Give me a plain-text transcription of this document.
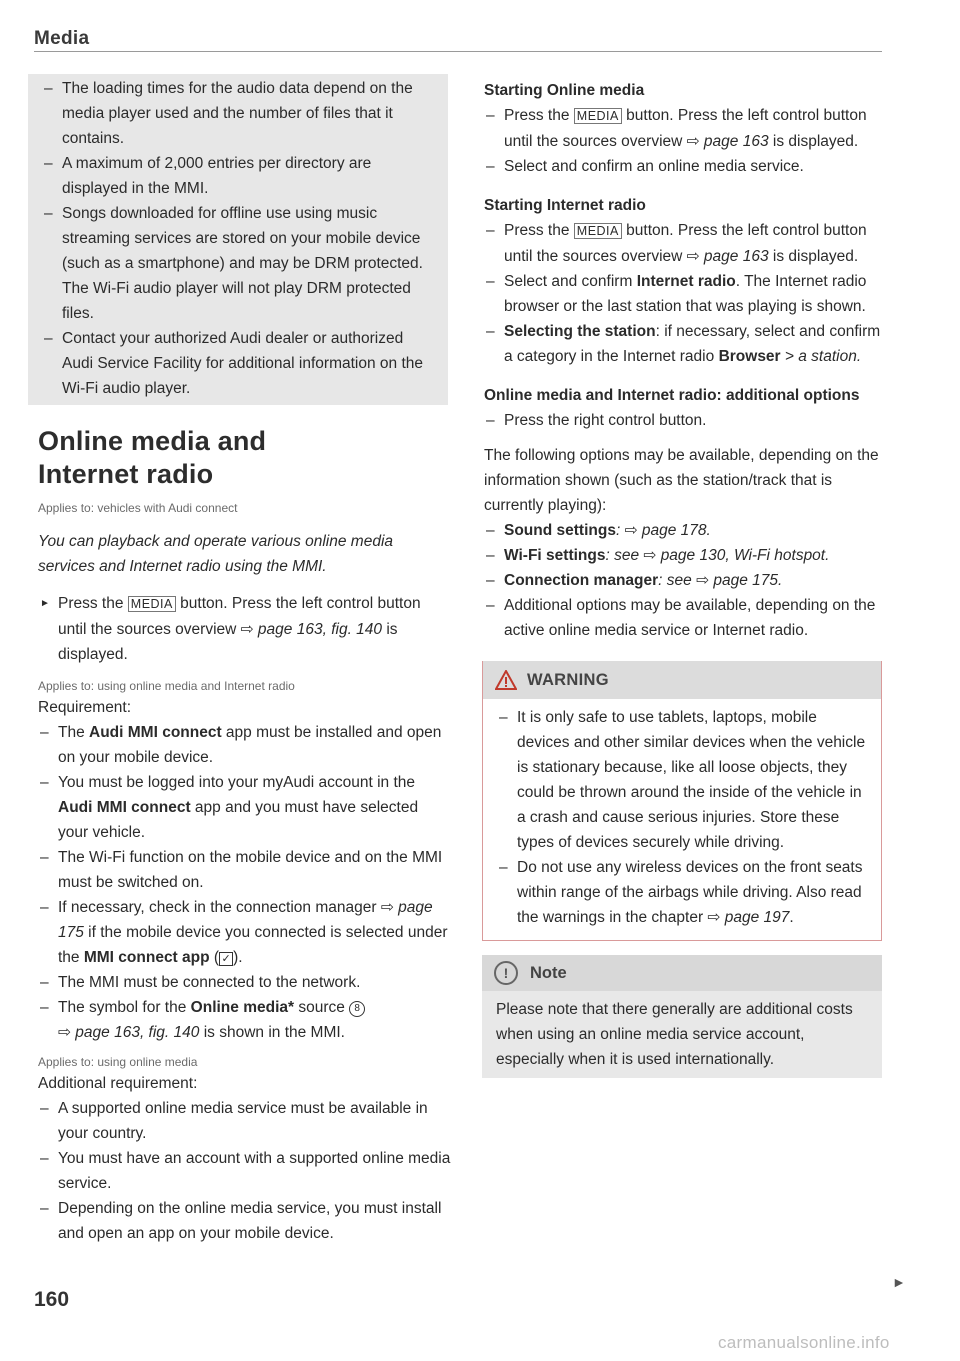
Media
– The loading times for the audio data depend on the media player used and the number of files that it contains.
– A maximum of 2,000 entries per directory are displayed in the MMI.
– Songs downloaded for offline use using music streaming services are stored on your mobile device (such as a smartphone) and may be DRM protected. The Wi-Fi audio player will not play DRM protected files.
– Contact your authorized Audi dealer or authorized Audi Service Facility for additional information on the Wi-Fi audio player.
Online media and
Internet radio
Applies to: vehicles with Audi connect
You can playback and operate various online media services and Internet radio using the MMI.
► Press the MEDIA button. Press the left control button until the sources overview ⇨ page 163, fig. 140 is displayed.
Applies to: using online media and Internet radio
Requirement:
– The Audi MMI connect app must be installed and open on your mobile device.
– You must be logged into your myAudi account in the Audi MMI connect app and you must have selected your vehicle.
– The Wi-Fi function on the mobile device and on the MMI must be switched on.
– If necessary, check in the connection manager ⇨ page 175 if the mobile device you connected is selected under the MMI connect app ( ✓ ).
– The MMI must be connected to the network.
– The symbol for the Online media* source 8
⇨ page 163, fig. 140 is shown in the MMI.
Applies to: using online media
Additional requirement:
– A supported online media service must be available in your country.
– You must have an account with a supported online media service.
– Depending on the online media service, you must install and open an app on your mobile device.
Starting Online media
– Press the MEDIA button. Press the left control button until the sources overview ⇨ page 163 is displayed.
– Select and confirm an online media service.
Starting Internet radio
– Press the MEDIA button. Press the left control button until the sources overview ⇨ page 163 is displayed.
– Select and confirm Internet radio. The Internet radio browser or the last station that was playing is shown.
– Selecting the station: if necessary, select and confirm a category in the Internet radio Browser > a station.
Online media and Internet radio: additional options
– Press the right control button.
The following options may be available, depending on the information shown (such as the station/track that is currently playing):
– Sound settings: ⇨ page 178.
– Wi-Fi settings: see ⇨ page 130, Wi-Fi hotspot.
– Connection manager: see ⇨ page 175.
– Additional options may be available, depending on the active online media service or Internet radio.
WARNING
– It is only safe to use tablets, laptops, mobile devices and other similar devices when the vehicle is stationary because, like all loose objects, they could be thrown around the inside of the vehicle in a crash and cause serious injuries. Store these types of devices securely while driving.
– Do not use any wireless devices on the front seats within range of the airbags while driving. Also read the warnings in the chapter ⇨ page 197.
!	Note
Please note that there generally are additional costs when using an online media service account, especially when it is used internationally.
►
160
carmanualsonline.info
